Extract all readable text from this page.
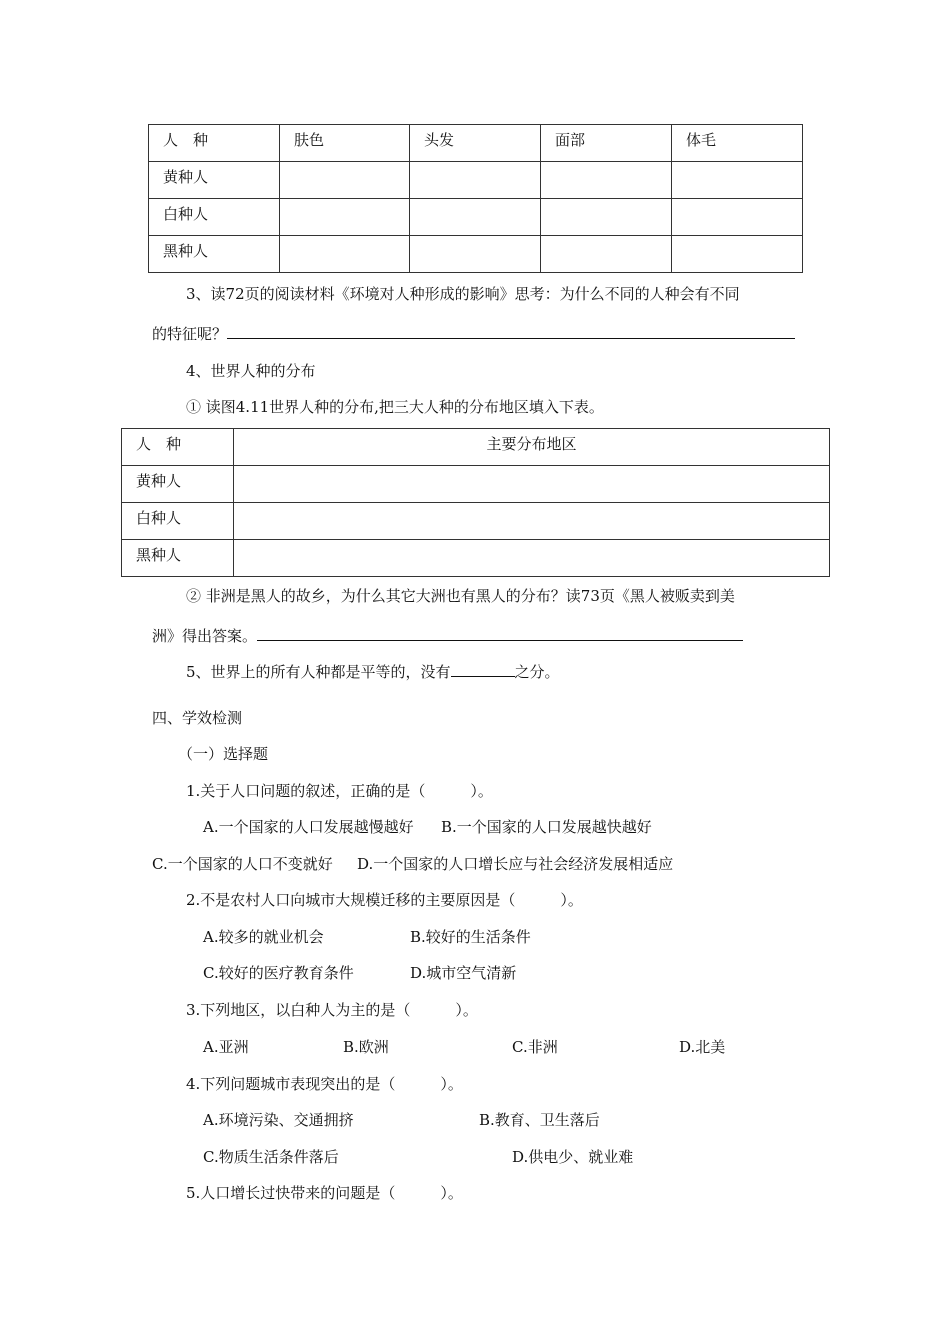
人　种	肤色	头发	面部	体毛
黄种人				
白种人				
黑种人				
3、读72页的阅读材料《环境对人种形成的影响》思考：为什么不同的人种会有不同
的特征呢？
4、世界人种的分布
① 读图4.11世界人种的分布,把三大人种的分布地区填入下表。
人　种	主要分布地区
黄种人	
白种人	
黑种人	
② 非洲是黑人的故乡，为什么其它大洲也有黑人的分布？读73页《黑人被贩卖到美
洲》得出答案。
5、世界上的所有人种都是平等的，没有	之分。
四、学效检测
（一）选择题
1.关于人口问题的叙述，正确的是（　　　）。
A.一个国家的人口发展越慢越好 B.一个国家的人口发展越快越好
C.一个国家的人口不变就好 D.一个国家的人口增长应与社会经济发展相适应
2.不是农村人口向城市大规模迁移的主要原因是（　　　）。
A.较多的就业机会	B.较好的生活条件
C.较好的医疗教育条件	D.城市空气清新
3.下列地区，以白种人为主的是（　　　）。
A.亚洲	B.欧洲	C.非洲	D.北美
4.下列问题城市表现突出的是（　　　）。
A.环境污染、交通拥挤	B.教育、卫生落后
C.物质生活条件落后	D.供电少、就业难
5.人口增长过快带来的问题是（　　　）。
